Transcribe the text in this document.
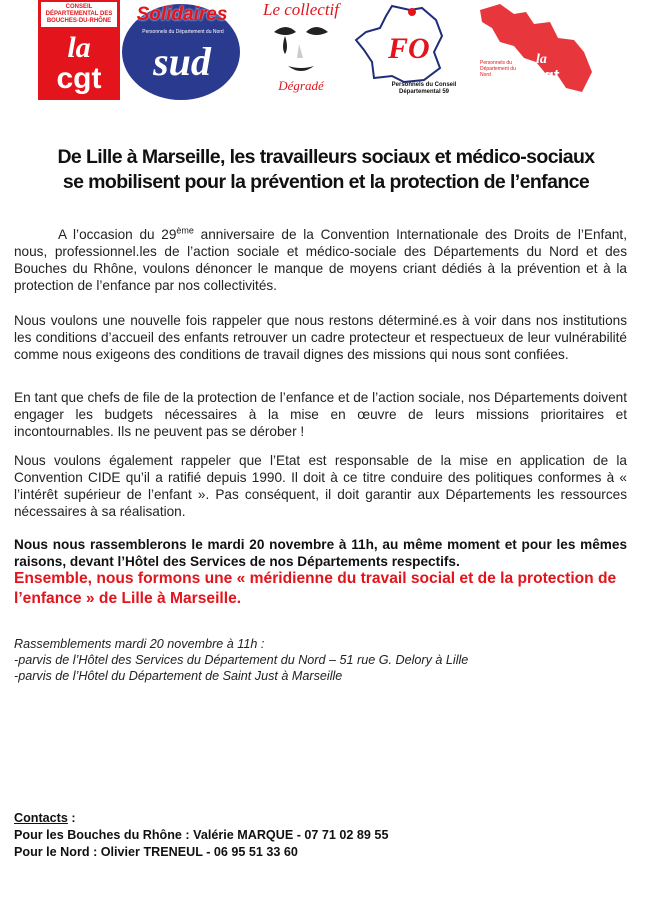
CONSEIL DÉPARTEMENTAL DES BOUCHES-DU-RHÔNE
la
cgt
Solidaires
Personnels du Département du Nord
sud
Le collectif
Dégradé
FO
Personnels du Conseil Départemental 59
Personnels du Département du Nord
la
cgt
De Lille à Marseille, les travailleurs sociaux et médico-sociaux
se mobilisent pour la prévention et la protection de l’enfance
A l’occasion du 29ème anniversaire de la Convention Internationale des Droits de l’Enfant, nous, professionnel.les de l’action sociale et médico-sociale des Départements du Nord et des Bouches du Rhône, voulons dénoncer le manque de moyens criant dédiés à la prévention et à la protection de l’enfance par nos collectivités.
Nous voulons une nouvelle fois rappeler que nous restons déterminé.es à voir dans nos institutions les conditions d’accueil des enfants retrouver un cadre protecteur et respectueux de leur vulnérabilité comme nous exigeons des conditions de travail dignes des missions qui nous sont confiées.
En tant que chefs de file de la protection de l’enfance et de l’action sociale, nos Départements doivent engager les budgets nécessaires à la mise en œuvre de leurs missions prioritaires et incontournables. Ils ne peuvent pas se dérober !
Nous voulons également rappeler que l’Etat est responsable de la mise en application de la Convention CIDE qu’il a ratifié depuis 1990. Il doit à ce titre conduire des politiques conformes à « l’intérêt supérieur de l’enfant ». Pas conséquent, il doit garantir aux Départements les ressources nécessaires à sa réalisation.
Nous nous rassemblerons le mardi 20 novembre à 11h, au même moment et pour les mêmes raisons, devant l’Hôtel des Services de nos Départements respectifs.
Ensemble, nous formons une « méridienne du travail social et de la protection de l’enfance » de Lille à Marseille.
Rassemblements mardi 20 novembre à 11h :
-parvis de l’Hôtel des Services du Département du Nord – 51 rue G. Delory à Lille
-parvis de l’Hôtel du Département de Saint Just à Marseille
Contacts :
Pour les Bouches du Rhône : Valérie MARQUE - 07 71 02 89 55
Pour le Nord : Olivier TRENEUL - 06 95 51 33 60
